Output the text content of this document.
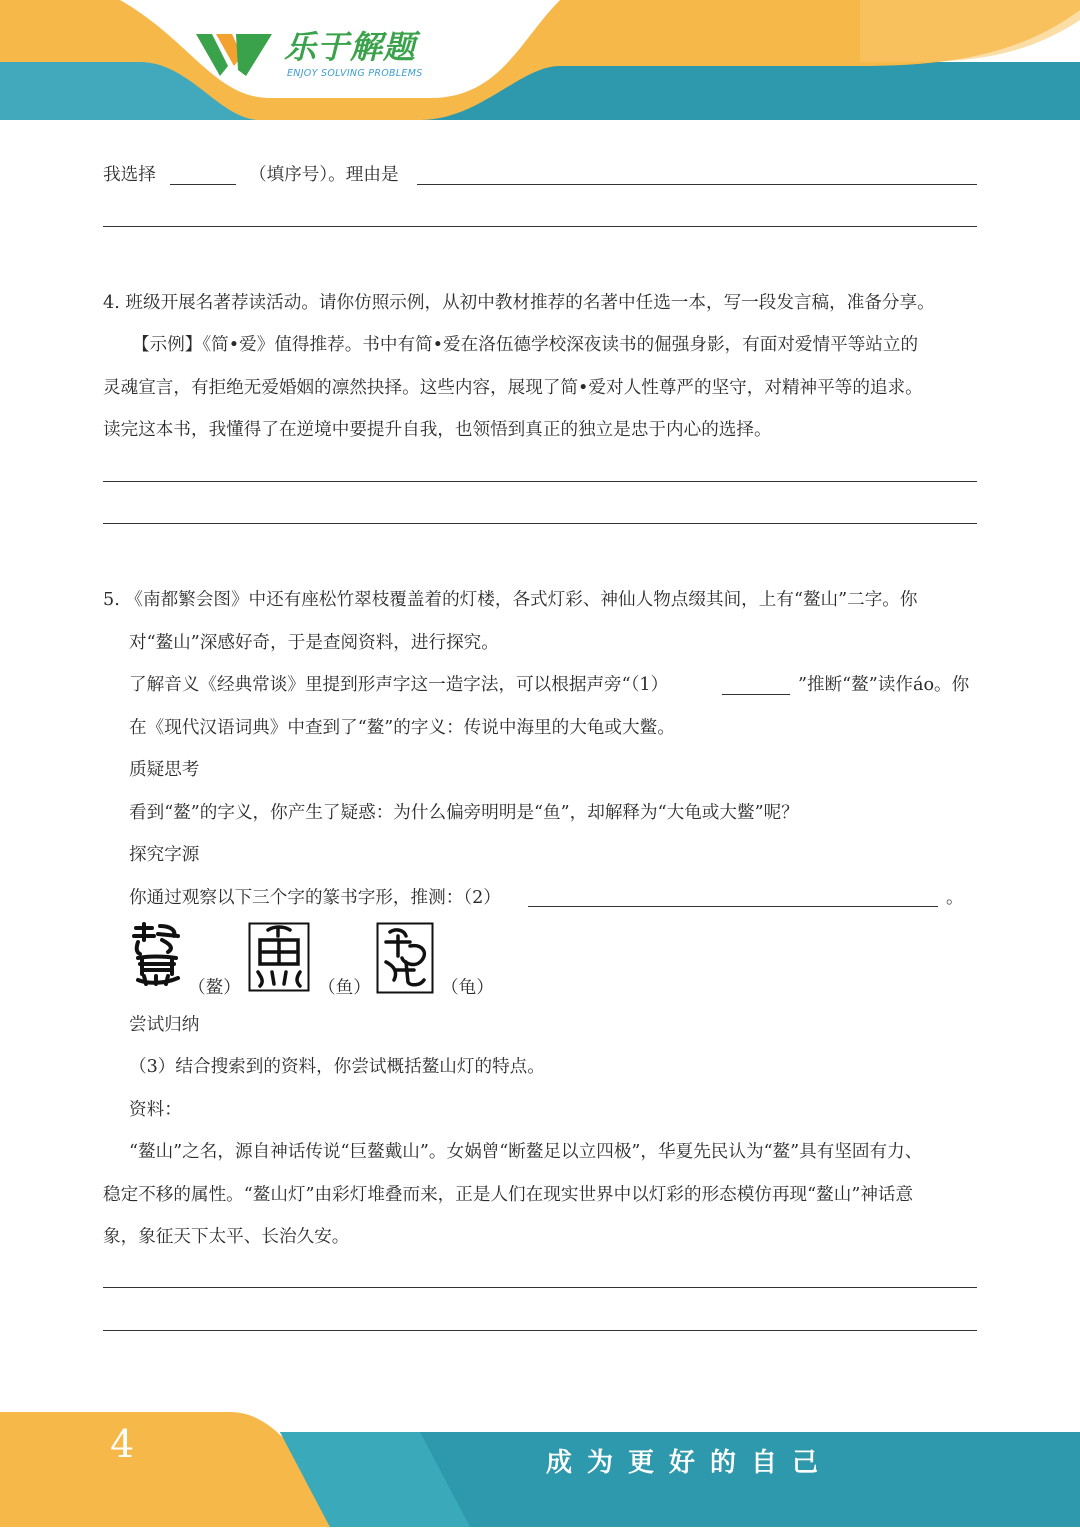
乐于解题
ENJOY SOLVING PROBLEMS
我选择	（填序号）。理由是
4. 班级开展名著荐读活动。请你仿照示例，从初中教材推荐的名著中任选一本，写一段发言稿，准备分享。
【示例】《简•爱》值得推荐。书中有简•爱在洛伍德学校深夜读书的倔强身影，有面对爱情平等站立的
灵魂宣言，有拒绝无爱婚姻的凛然抉择。这些内容，展现了简•爱对人性尊严的坚守，对精神平等的追求。
读完这本书，我懂得了在逆境中要提升自我，也领悟到真正的独立是忠于内心的选择。
5. 《南都繁会图》中还有座松竹翠枝覆盖着的灯楼，各式灯彩、神仙人物点缀其间，上有“鳌山”二字。你
对“鳌山”深感好奇，于是查阅资料，进行探究。
了解音义《经典常谈》里提到形声字这一造字法，可以根据声旁“（1）	”推断“鳌”读作áo。你
在《现代汉语词典》中查到了“鳌”的字义：传说中海里的大龟或大鳖。
质疑思考
看到“鳌”的字义，你产生了疑惑：为什么偏旁明明是“鱼”，却解释为“大龟或大鳖”呢？
探究字源
你通过观察以下三个字的篆书字形，推测：（2）	。
（鳌）	（鱼）	（龟）
尝试归纳
（3）结合搜索到的资料，你尝试概括鳌山灯的特点。
资料：
“鳌山”之名，源自神话传说“巨鳌戴山”。女娲曾“断鳌足以立四极”，华夏先民认为“鳌”具有坚固有力、
稳定不移的属性。“鳌山灯”由彩灯堆叠而来，正是人们在现实世界中以灯彩的形态模仿再现“鳌山”神话意
象，象征天下太平、长治久安。
4	成为更好的自己
